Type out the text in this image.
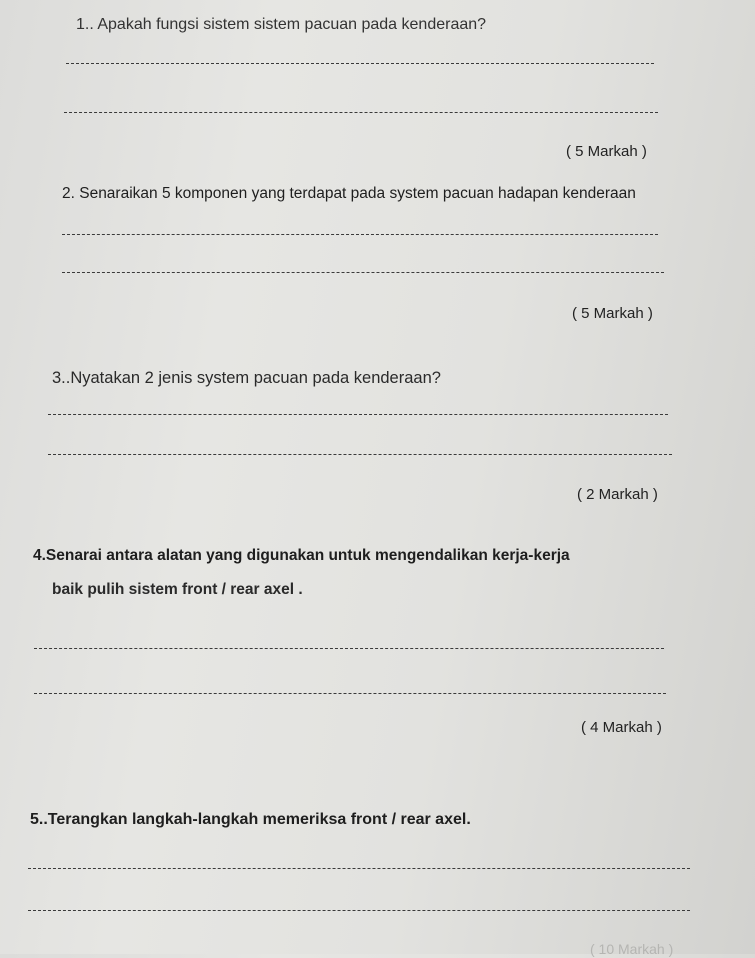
1.. Apakah fungsi sistem sistem pacuan pada kenderaan?
( 5 Markah )
2. Senaraikan 5 komponen yang terdapat pada system pacuan hadapan kenderaan
( 5 Markah )
3..Nyatakan 2 jenis system pacuan pada kenderaan?
( 2 Markah )
4.Senarai antara alatan yang digunakan untuk mengendalikan kerja-kerja
baik pulih sistem front / rear axel .
( 4 Markah )
5..Terangkan langkah-langkah memeriksa front / rear axel.
( 10 Markah )
